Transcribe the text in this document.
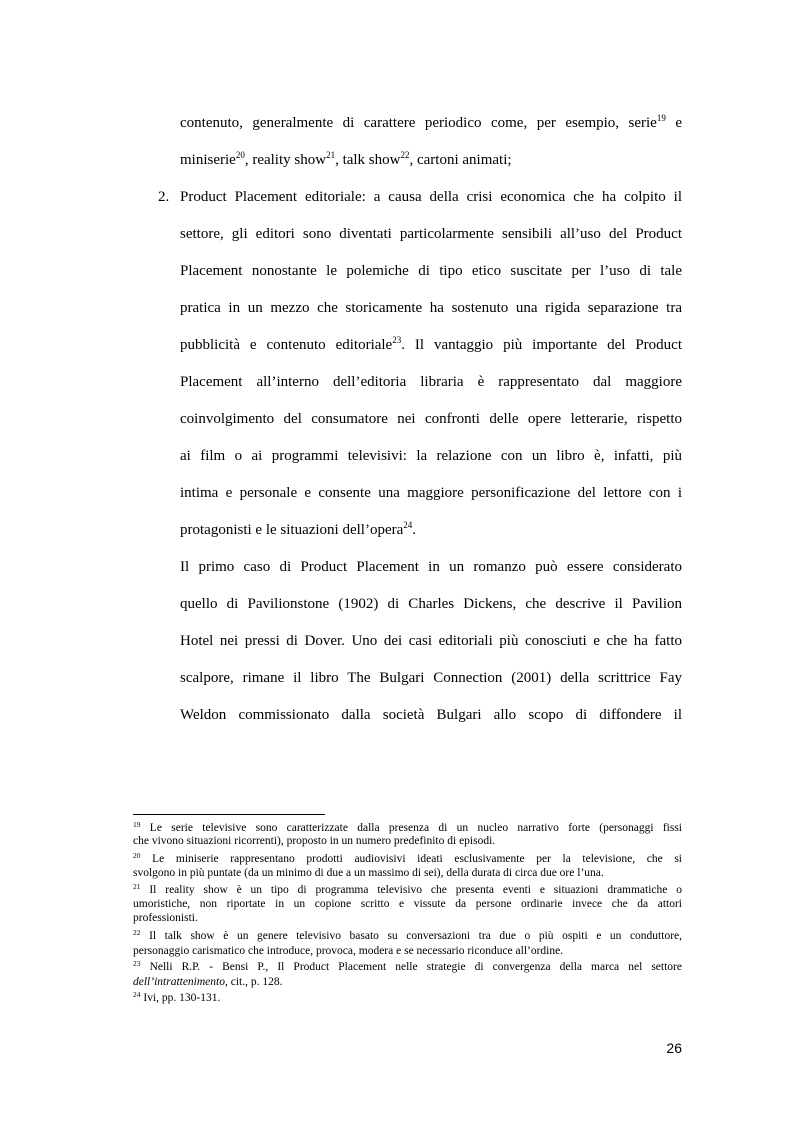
contenuto, generalmente di carattere periodico come, per esempio, serie$^{19}$ e
miniserie$^{20}$, reality show$^{21}$, talk show$^{22}$, cartoni animati;
2. Product Placement editoriale: a causa della crisi economica che ha colpito il
settore, gli editori sono diventati particolarmente sensibili all’uso del Product
Placement nonostante le polemiche di tipo etico suscitate per l’uso di tale
pratica in un mezzo che storicamente ha sostenuto una rigida separazione tra
pubblicità e contenuto editoriale$^{23}$. Il vantaggio più importante del Product
Placement all’interno dell’editoria libraria è rappresentato dal maggiore
coinvolgimento del consumatore nei confronti delle opere letterarie, rispetto
ai film o ai programmi televisivi: la relazione con un libro è, infatti, più
intima e personale e consente una maggiore personificazione del lettore con i
protagonisti e le situazioni dell’opera$^{24}$.
Il primo caso di Product Placement in un romanzo può essere considerato
quello di Pavilionstone (1902) di Charles Dickens, che descrive il Pavilion
Hotel nei pressi di Dover. Uno dei casi editoriali più conosciuti e che ha fatto
scalpore, rimane il libro The Bulgari Connection (2001) della scrittrice Fay
Weldon commissionato dalla società Bulgari allo scopo di diffondere il
$^{19}$ Le serie televisive sono caratterizzate dalla presenza di un nucleo narrativo forte (personaggi fissi
che vivono situazioni ricorrenti), proposto in un numero predefinito di episodi.
$^{20}$ Le miniserie rappresentano prodotti audiovisivi ideati esclusivamente per la televisione, che si
svolgono in più puntate (da un minimo di due a un massimo di sei), della durata di circa due ore l’una.
$^{21}$ Il reality show è un tipo di programma televisivo che presenta eventi e situazioni drammatiche o
umoristiche, non riportate in un copione scritto e vissute da persone ordinarie invece che da attori
professionisti.
$^{22}$ Il talk show è un genere televisivo basato su conversazioni tra due o più ospiti e un conduttore,
personaggio carismatico che introduce, provoca, modera e se necessario riconduce all’ordine.
$^{23}$ Nelli R.P. - Bensi P., Il Product Placement nelle strategie di convergenza della marca nel settore
dell’intrattenimento, cit., p. 128.
$^{24}$ Ivi, pp. 130-131.
26
